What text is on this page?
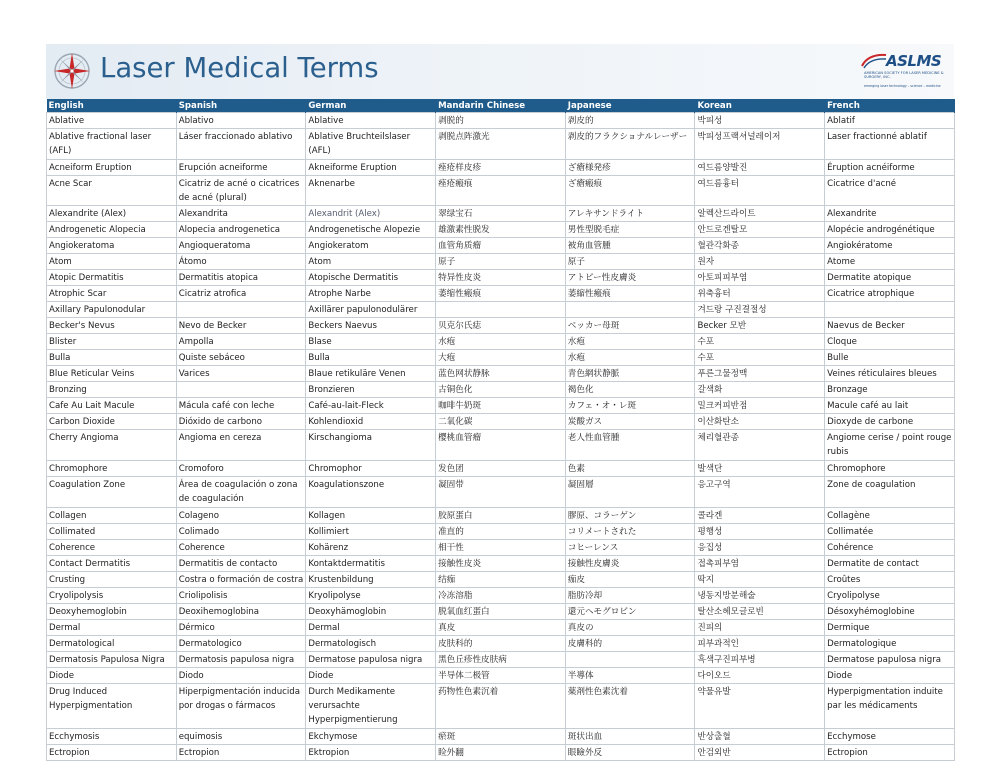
Laser Medical Terms	ASLMS
AMERICAN SOCIETY FOR LASER MEDICINE & SURGERY, INC.
emerging laser technology – science – medicine
English	Spanish	German	Mandarin Chinese	Japanese	Korean	French
Ablative	Ablativo	Ablative	剥脱的	剥皮的	박피성	Ablatif
Ablative fractional laser (AFL)	Láser fraccionado ablativo	Ablative Bruchteilslaser (AFL)	剥脱点阵激光	剥皮的フラクショナルレーザー	박피성프랙셔널레이저	Laser fractionné ablatif
Acneiform Eruption	Erupción acneiforme	Akneiforme Eruption	痤疮样皮疹	ざ瘡様発疹	여드름양발진	Éruption acnéiforme
Acne Scar	Cicatriz de acné o cicatrices de acné (plural)	Aknenarbe	痤疮瘢痕	ざ瘡瘢痕	여드름흉터	Cicatrice d'acné
Alexandrite (Alex)	Alexandrita	Alexandrit (Alex)	翠绿宝石	アレキサンドライト	알렉산드라이트	Alexandrite
Androgenetic Alopecia	Alopecia androgenetica	Androgenetische Alopezie	雄激素性脱发	男性型脱毛症	안드로겐탈모	Alopécie androgénétique
Angiokeratoma	Angioqueratoma	Angiokeratom	血管角质瘤	被角血管腫	혈관각화종	Angiokératome
Atom	Átomo	Atom	原子	原子	원자	Atome
Atopic Dermatitis	Dermatitis atopica	Atopische Dermatitis	特异性皮炎	アトピー性皮膚炎	아토피피부염	Dermatite atopique
Atrophic Scar	Cicatriz atrofica	Atrophe Narbe	萎缩性瘢痕	萎縮性瘢痕	위축흉터	Cicatrice atrophique
Axillary Papulonodular		Axillärer papulonodulärer			겨드랑 구진결절성	
Becker's Nevus	Nevo de Becker	Beckers Naevus	贝克尔氏痣	ベッカー母斑	Becker 모반	Naevus de Becker
Blister	Ampolla	Blase	水疱	水疱	수포	Cloque
Bulla	Quiste sebáceo	Bulla	大疱	水疱	수포	Bulle
Blue Reticular Veins	Varices	Blaue retikuläre Venen	蓝色网状静脉	青色網状静脈	푸른그물정맥	Veines réticulaires bleues
Bronzing		Bronzieren	古铜色化	褐色化	갈색화	Bronzage
Cafe Au Lait Macule	Mácula café con leche	Café-au-lait-Fleck	咖啡牛奶斑	カフェ・オ・レ斑	밀크커피반점	Macule café au lait
Carbon Dioxide	Dióxido de carbono	Kohlendioxid	二氧化碳	炭酸ガス	이산화탄소	Dioxyde de carbone
Cherry Angioma	Angioma en cereza	Kirschangioma	樱桃血管瘤	老人性血管腫	체리혈관종	Angiome cerise / point rouge rubis
Chromophore	Cromoforo	Chromophor	发色团	色素	발색단	Chromophore
Coagulation Zone	Área de coagulación o zona de coagulación	Koagulationszone	凝固带	凝固層	응고구역	Zone de coagulation
Collagen	Colageno	Kollagen	胶原蛋白	膠原、コラーゲン	콜라겐	Collagène
Collimated	Colimado	Kollimiert	准直的	コリメートされた	평행성	Collimatée
Coherence	Coherence	Kohärenz	相干性	コヒーレンス	응집성	Cohérence
Contact Dermatitis	Dermatitis de contacto	Kontaktdermatitis	接触性皮炎	接触性皮膚炎	접촉피부염	Dermatite de contact
Crusting	Costra o formación de costra	Krustenbildung	结痂	痂皮	딱지	Croûtes
Cryolipolysis	Criolipolisis	Kryolipolyse	冷冻溶脂	脂肪冷却	냉동지방분해술	Cryolipolyse
Deoxyhemoglobin	Deoxihemoglobina	Deoxyhämoglobin	脱氧血红蛋白	還元ヘモグロビン	탈산소헤모글로빈	Désoxyhémoglobine
Dermal	Dérmico	Dermal	真皮	真皮の	진피의	Dermique
Dermatological	Dermatologico	Dermatologisch	皮肤科的	皮膚科的	피부과적인	Dermatologique
Dermatosis Papulosa Nigra	Dermatosis papulosa nigra	Dermatose papulosa nigra	黑色丘疹性皮肤病		흑색구진피부병	Dermatose papulosa nigra
Diode	Diodo	Diode	半导体二极管	半導体	다이오드	Diode
Drug Induced Hyperpigmentation	Hiperpigmentación inducida por drogas o fármacos	Durch Medikamente verursachte Hyperpigmentierung	药物性色素沉着	薬剤性色素沈着	약물유발	Hyperpigmentation induite par les médicaments
Ecchymosis	equimosis	Ekchymose	瘀斑	斑状出血	반상출혈	Ecchymose
Ectropion	Ectropion	Ektropion	睑外翻	眼瞼外反	안검외반	Ectropion
